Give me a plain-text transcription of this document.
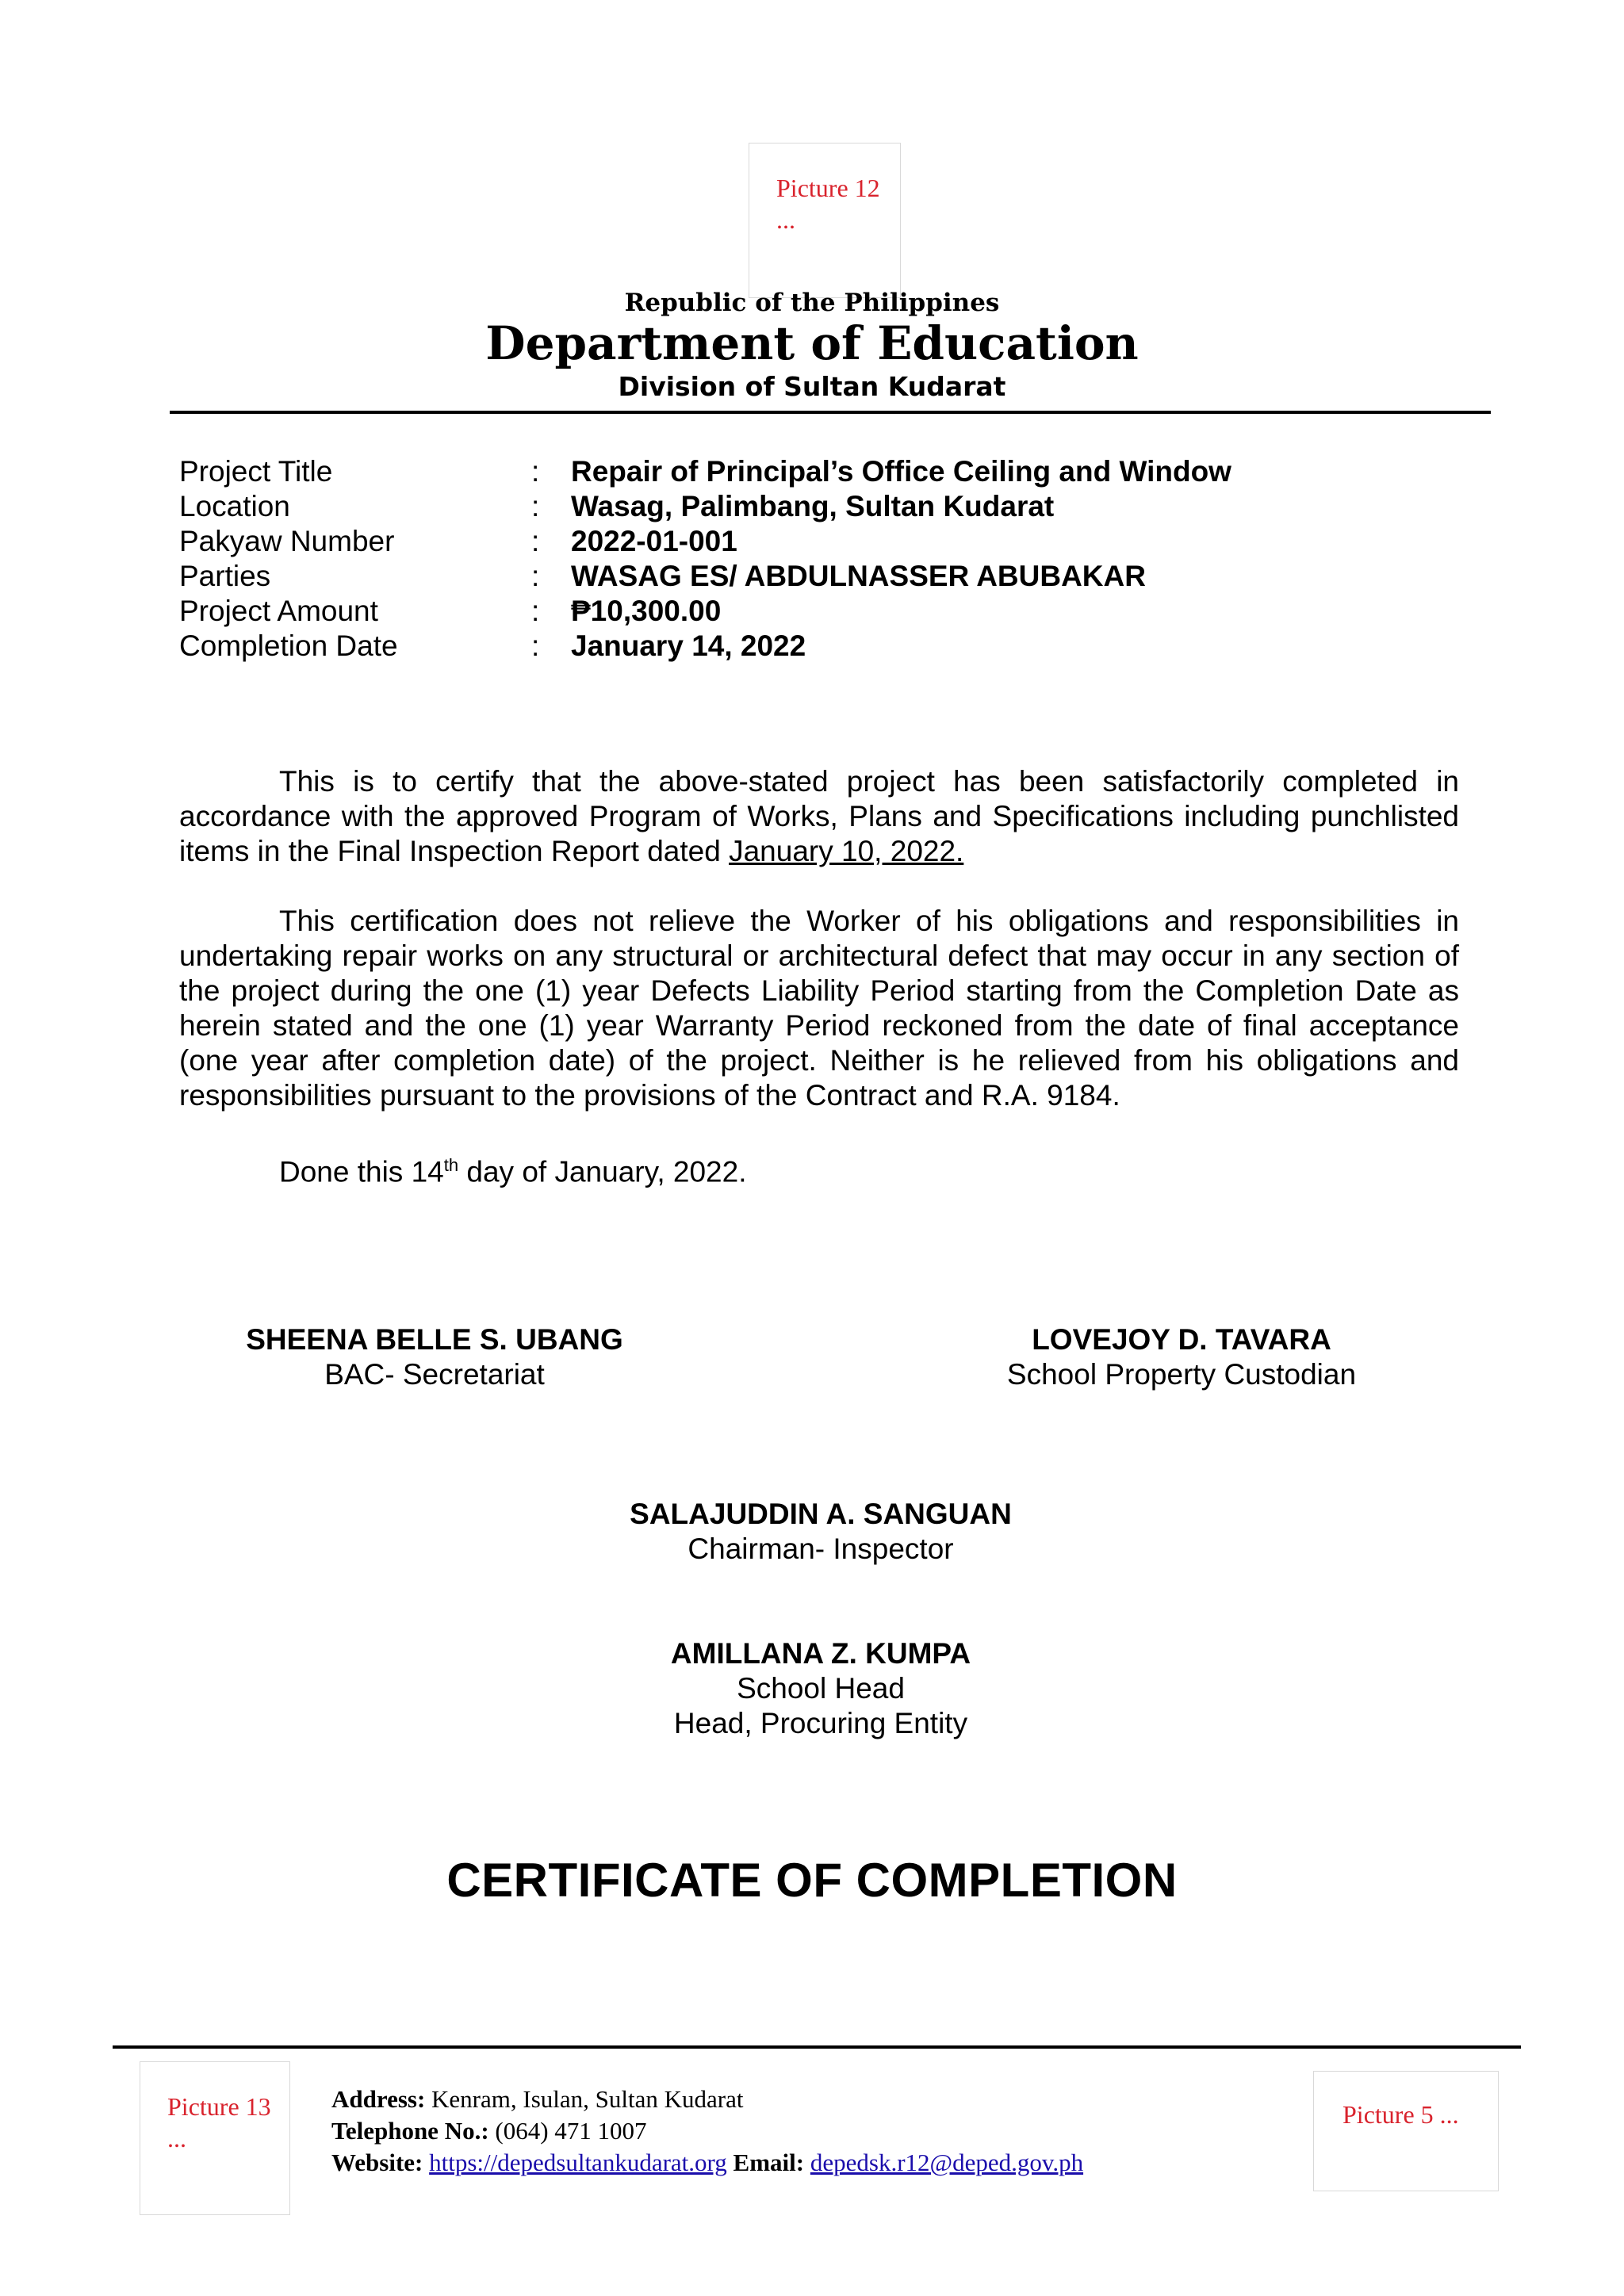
Picture 12 ...
Republic of the Philippines
Department of Education
Division of Sultan Kudarat
Project Title	: Repair of Principal’s Office Ceiling and Window
Location	: Wasag, Palimbang, Sultan Kudarat
Pakyaw Number	: 2022-01-001
Parties	: WASAG ES/ ABDULNASSER ABUBAKAR
Project Amount	: ₱10,300.00
Completion Date	: January 14, 2022
This is to certify that the above-stated project has been satisfactorily completed in accordance with the approved Program of Works, Plans and Specifications including punchlisted items in the Final Inspection Report dated January 10, 2022.
This certification does not relieve the Worker of his obligations and responsibilities in undertaking repair works on any structural or architectural defect that may occur in any section of the project during the one (1) year Defects Liability Period starting from the Completion Date as herein stated and the one (1) year Warranty Period reckoned from the date of final acceptance (one year after completion date) of the project. Neither is he relieved from his obligations and responsibilities pursuant to the provisions of the Contract and R.A. 9184.
Done this 14th day of January, 2022.
SHEENA BELLE S. UBANG
BAC- Secretariat
LOVEJOY D. TAVARA
School Property Custodian
SALAJUDDIN A. SANGUAN
Chairman- Inspector
AMILLANA Z. KUMPA
School Head
Head, Procuring Entity
CERTIFICATE OF COMPLETION
Picture 13 ...
Picture 5 ...
Address: Kenram, Isulan, Sultan Kudarat
Telephone No.: (064) 471 1007
Website: https://depedsultankudarat.org Email: depedsk.r12@deped.gov.ph
